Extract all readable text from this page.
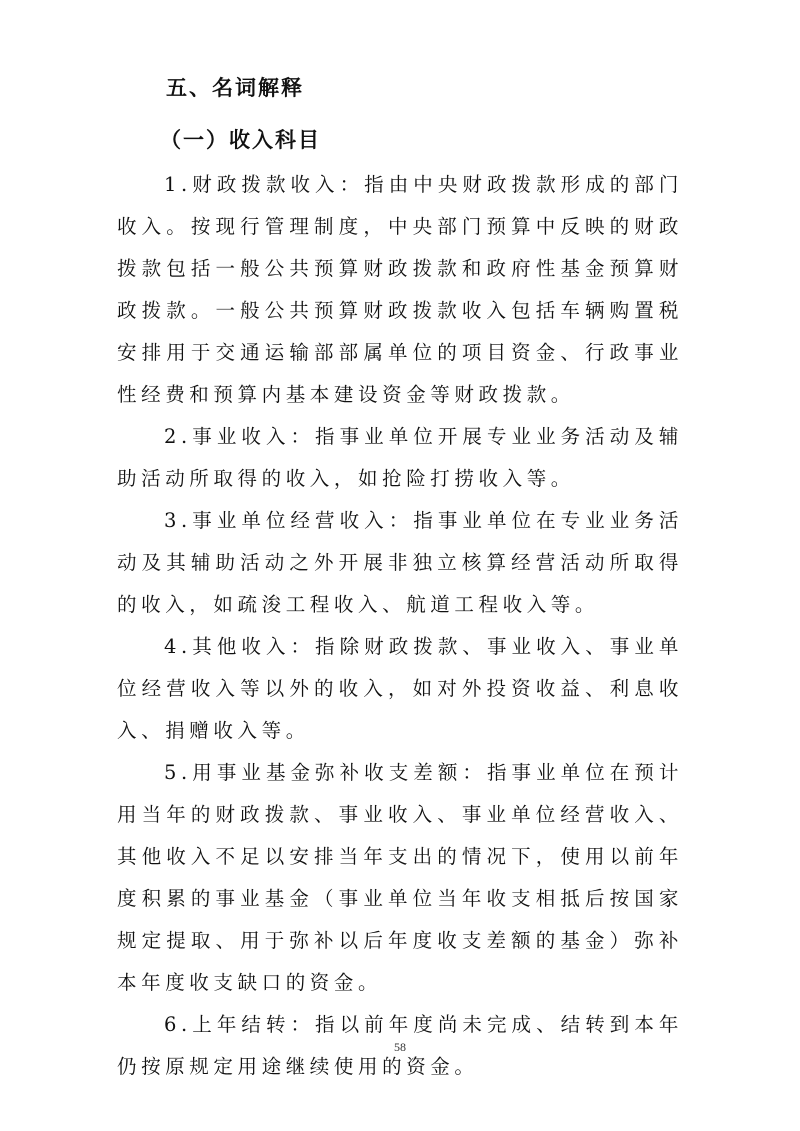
五、名词解释
（一）收入科目

1.财政拨款收入：指由中央财政拨款形成的部门收入。按现行管理制度，中央部门预算中反映的财政拨款包括一般公共预算财政拨款和政府性基金预算财政拨款。一般公共预算财政拨款收入包括车辆购置税安排用于交通运输部部属单位的项目资金、行政事业性经费和预算内基本建设资金等财政拨款。

2.事业收入：指事业单位开展专业业务活动及辅助活动所取得的收入，如抢险打捞收入等。

3.事业单位经营收入：指事业单位在专业业务活动及其辅助活动之外开展非独立核算经营活动所取得的收入，如疏浚工程收入、航道工程收入等。

4.其他收入：指除财政拨款、事业收入、事业单位经营收入等以外的收入，如对外投资收益、利息收入、捐赠收入等。

5.用事业基金弥补收支差额：指事业单位在预计用当年的财政拨款、事业收入、事业单位经营收入、其他收入不足以安排当年支出的情况下，使用以前年度积累的事业基金（事业单位当年收支相抵后按国家规定提取、用于弥补以后年度收支差额的基金）弥补本年度收支缺口的资金。

6.上年结转：指以前年度尚未完成、结转到本年仍按原规定用途继续使用的资金。

58
